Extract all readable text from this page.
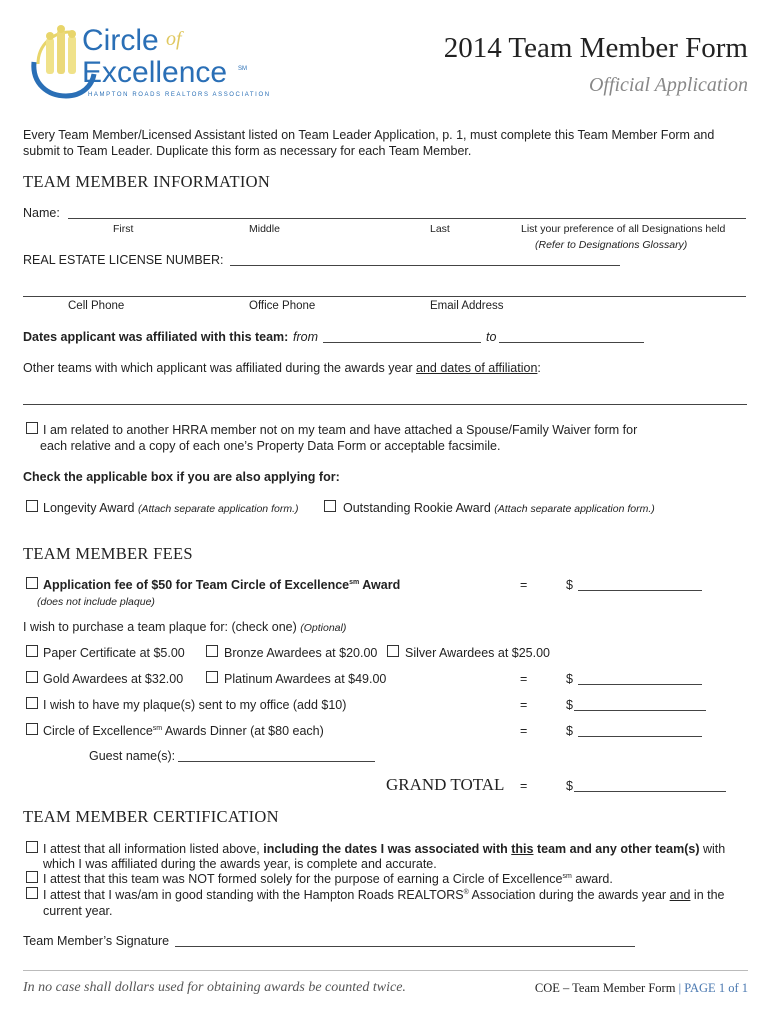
Circle of
Excellence SM
HAMPTON ROADS REALTORS ASSOCIATION
2014 Team Member Form
Official Application
Every Team Member/Licensed Assistant listed on Team Leader Application, p. 1, must complete this Team Member Form and
submit to Team Leader. Duplicate this form as necessary for each Team Member.
TEAM MEMBER INFORMATION
Name:
First	Middle	Last	List your preference of all Designations held
(Refer to Designations Glossary)
REAL ESTATE LICENSE NUMBER:
Cell Phone	Office Phone	Email Address
Dates applicant was affiliated with this team: from	to
Other teams with which applicant was affiliated during the awards year and dates of affiliation:
I am related to another HRRA member not on my team and have attached a Spouse/Family Waiver form for
each relative and a copy of each one’s Property Data Form or acceptable facsimile.
Check the applicable box if you are also applying for:
Longevity Award (Attach separate application form.)	Outstanding Rookie Award (Attach separate application form.)
TEAM MEMBER FEES
Application fee of $50 for Team Circle of Excellence$^{sm}$ Award	=	$
(does not include plaque)
I wish to purchase a team plaque for: (check one) (Optional)
Paper Certificate at $5.00	Bronze Awardees at $20.00 Silver Awardees at $25.00
Gold Awardees at $32.00	Platinum Awardees at $49.00	=	$
I wish to have my plaque(s) sent to my office (add $10)	=	$
Circle of Excellence$^{sm}$ Awards Dinner (at $80 each)	=	$
Guest name(s):
GRAND TOTAL =	$
TEAM MEMBER CERTIFICATION
I attest that all information listed above, including the dates I was associated with this team and any other team(s) with
which I was affiliated during the awards year, is complete and accurate.
I attest that this team was NOT formed solely for the purpose of earning a Circle of Excellence$^{sm}$ award.
I attest that I was/am in good standing with the Hampton Roads REALTORS® Association during the awards year and in the
current year.
Team Member’s Signature
In no case shall dollars used for obtaining awards be counted twice.	COE – Team Member Form | PAGE 1 of 1
